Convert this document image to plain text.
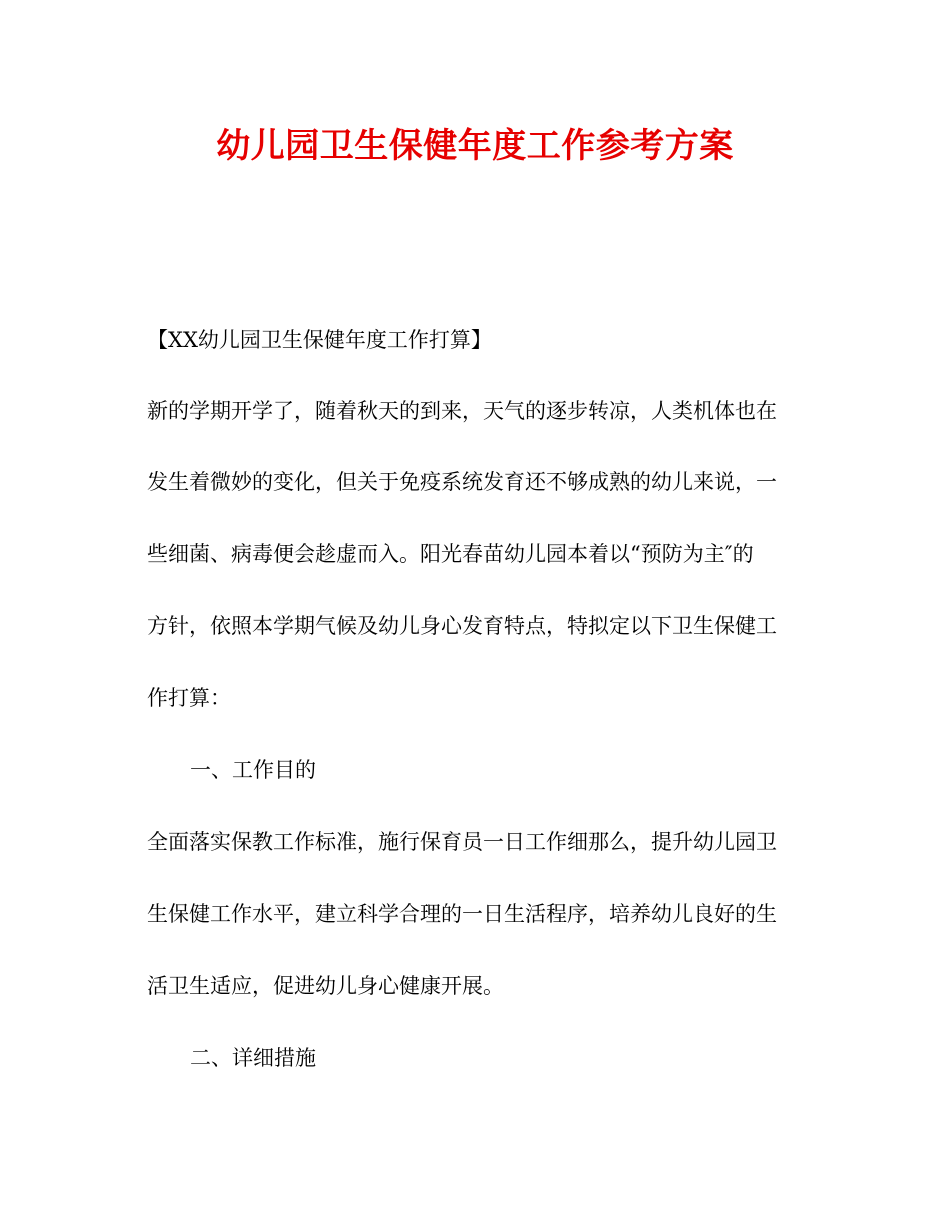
幼儿园卫生保健年度工作参考方案
【XX幼儿园卫生保健年度工作打算】
新的学期开学了，随着秋天的到来，天气的逐步转凉，人类机体也在
发生着微妙的变化，但关于免疫系统发育还不够成熟的幼儿来说，一
些细菌、病毒便会趁虚而入。阳光春苗幼儿园本着以“预防为主″的
方针，依照本学期气候及幼儿身心发育特点，特拟定以下卫生保健工
作打算：
一、工作目的
全面落实保教工作标准，施行保育员一日工作细那么，提升幼儿园卫
生保健工作水平，建立科学合理的一日生活程序，培养幼儿良好的生
活卫生适应，促进幼儿身心健康开展。
二、详细措施
